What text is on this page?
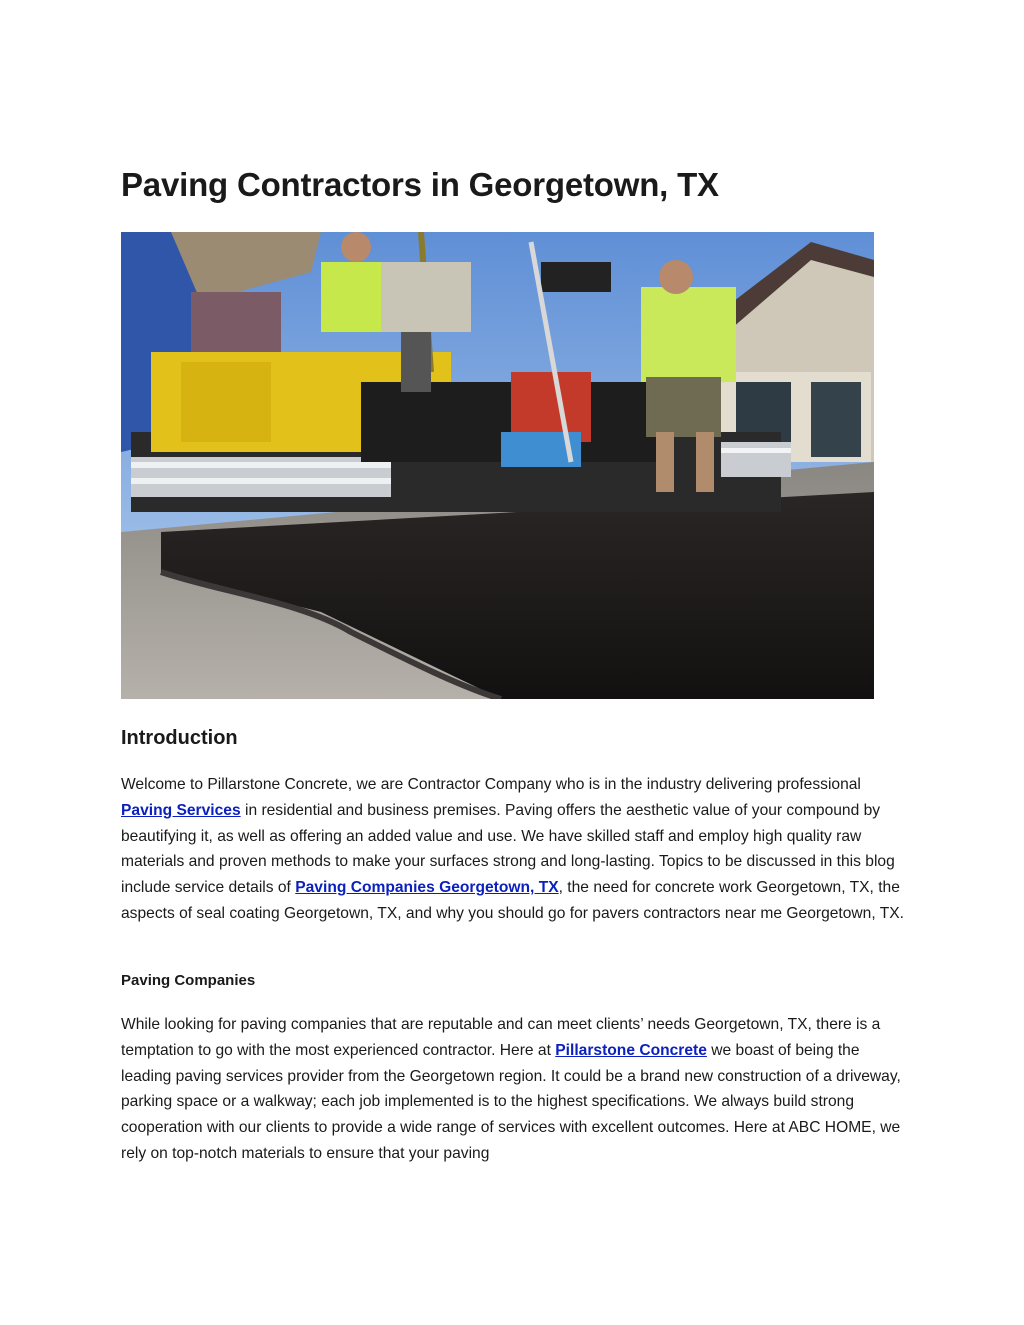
Paving Contractors in Georgetown, TX
Introduction

Welcome to Pillarstone Concrete, we are Contractor Company who is in the industry delivering professional Paving Services in residential and business premises. Paving offers the aesthetic value of your compound by beautifying it, as well as offering an added value and use. We have skilled staff and employ high quality raw materials and proven methods to make your surfaces strong and long-lasting. Topics to be discussed in this blog include service details of Paving Companies Georgetown, TX, the need for concrete work Georgetown, TX, the aspects of seal coating Georgetown, TX, and why you should go for pavers contractors near me Georgetown, TX.

Paving Companies

While looking for paving companies that are reputable and can meet clients’ needs Georgetown, TX, there is a temptation to go with the most experienced contractor. Here at Pillarstone Concrete we boast of being the leading paving services provider from the Georgetown region. It could be a brand new construction of a driveway, parking space or a walkway; each job implemented is to the highest specifications. We always build strong cooperation with our clients to provide a wide range of services with excellent outcomes. Here at ABC HOME, we rely on top-notch materials to ensure that your paving
